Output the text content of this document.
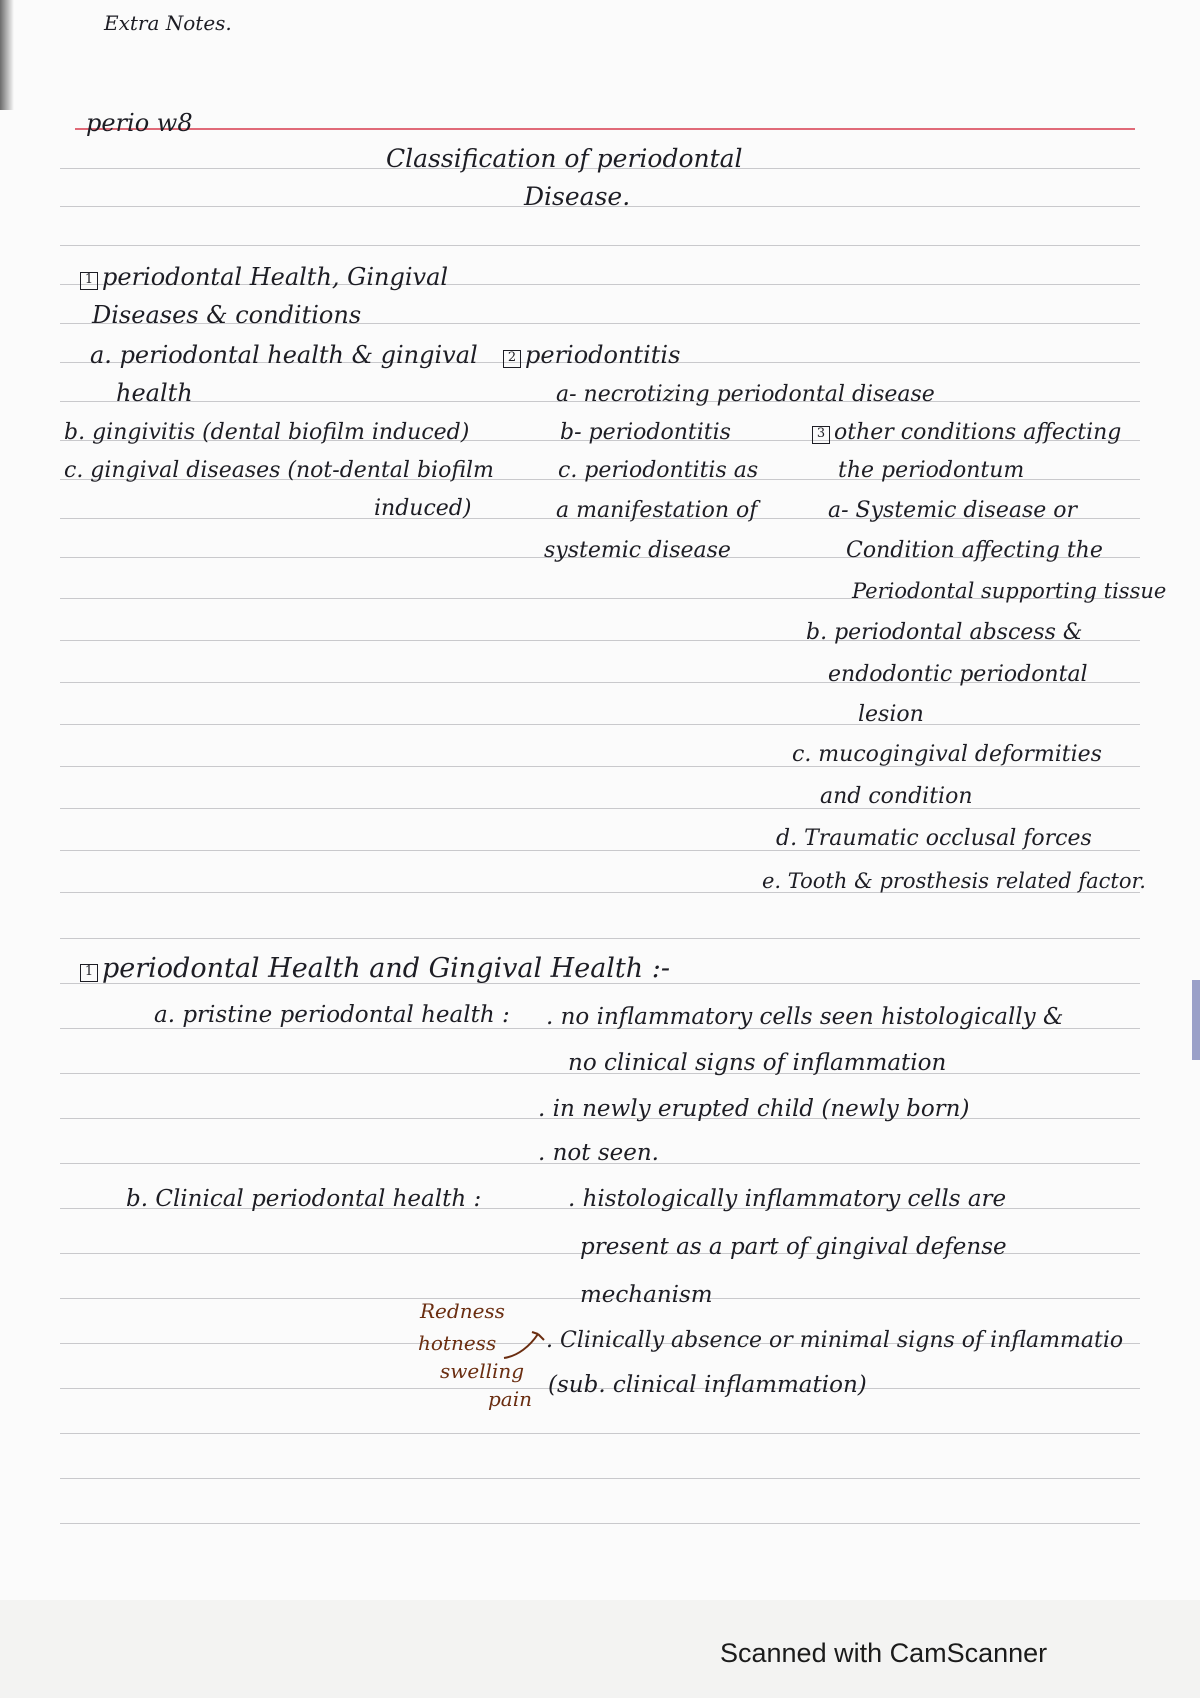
Extra Notes.
perio w8
Classification of periodontal
Disease.
1 periodontal Health, Gingival
Diseases & conditions
a. periodontal health & gingival
health
b. gingivitis (dental biofilm induced)
c. gingival diseases (not-dental biofilm
induced)
2 periodontitis
a- necrotizing periodontal disease
b- periodontitis
c. periodontitis as
a manifestation of
systemic disease
3 other conditions affecting
the periodontum
a- Systemic disease or
Condition affecting the
Periodontal supporting tissue
b. periodontal abscess &
endodontic periodontal
lesion
c. mucogingival deformities
and condition
d. Traumatic occlusal forces
e. Tooth & prosthesis related factor.
1 periodontal Health and Gingival Health :-
a. pristine periodontal health : . no inflammatory cells seen histologically &
no clinical signs of inflammation
. in newly erupted child (newly born)
. not seen.
b. Clinical periodontal health :	. histologically inflammatory cells are
present as a part of gingival defense
mechanism
. Clinically absence or minimal signs of inflammatio
(sub. clinical inflammation)
Redness
hotness
swelling
pain
Scanned with CamScanner
